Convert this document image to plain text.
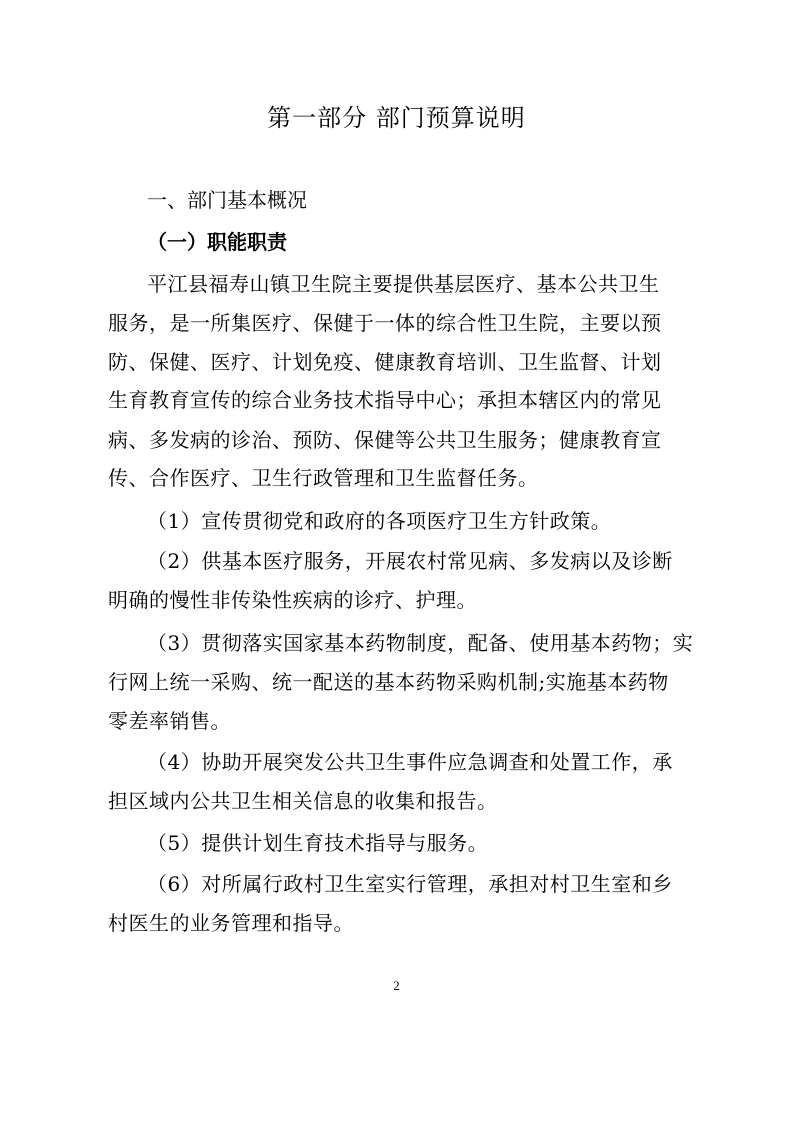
第一部分 部门预算说明
一、部门基本概况
（一）职能职责
平江县福寿山镇卫生院主要提供基层医疗、基本公共卫生
服务，是一所集医疗、保健于一体的综合性卫生院，主要以预
防、保健、医疗、计划免疫、健康教育培训、卫生监督、计划
生育教育宣传的综合业务技术指导中心；承担本辖区内的常见
病、多发病的诊治、预防、保健等公共卫生服务；健康教育宣
传、合作医疗、卫生行政管理和卫生监督任务。
（1）宣传贯彻党和政府的各项医疗卫生方针政策。
（2）供基本医疗服务，开展农村常见病、多发病以及诊断
明确的慢性非传染性疾病的诊疗、护理。
（3）贯彻落实国家基本药物制度，配备、使用基本药物；实
行网上统一采购、统一配送的基本药物采购机制;实施基本药物
零差率销售。
（4）协助开展突发公共卫生事件应急调查和处置工作，承
担区域内公共卫生相关信息的收集和报告。
（5）提供计划生育技术指导与服务。
（6）对所属行政村卫生室实行管理，承担对村卫生室和乡
村医生的业务管理和指导。
2
